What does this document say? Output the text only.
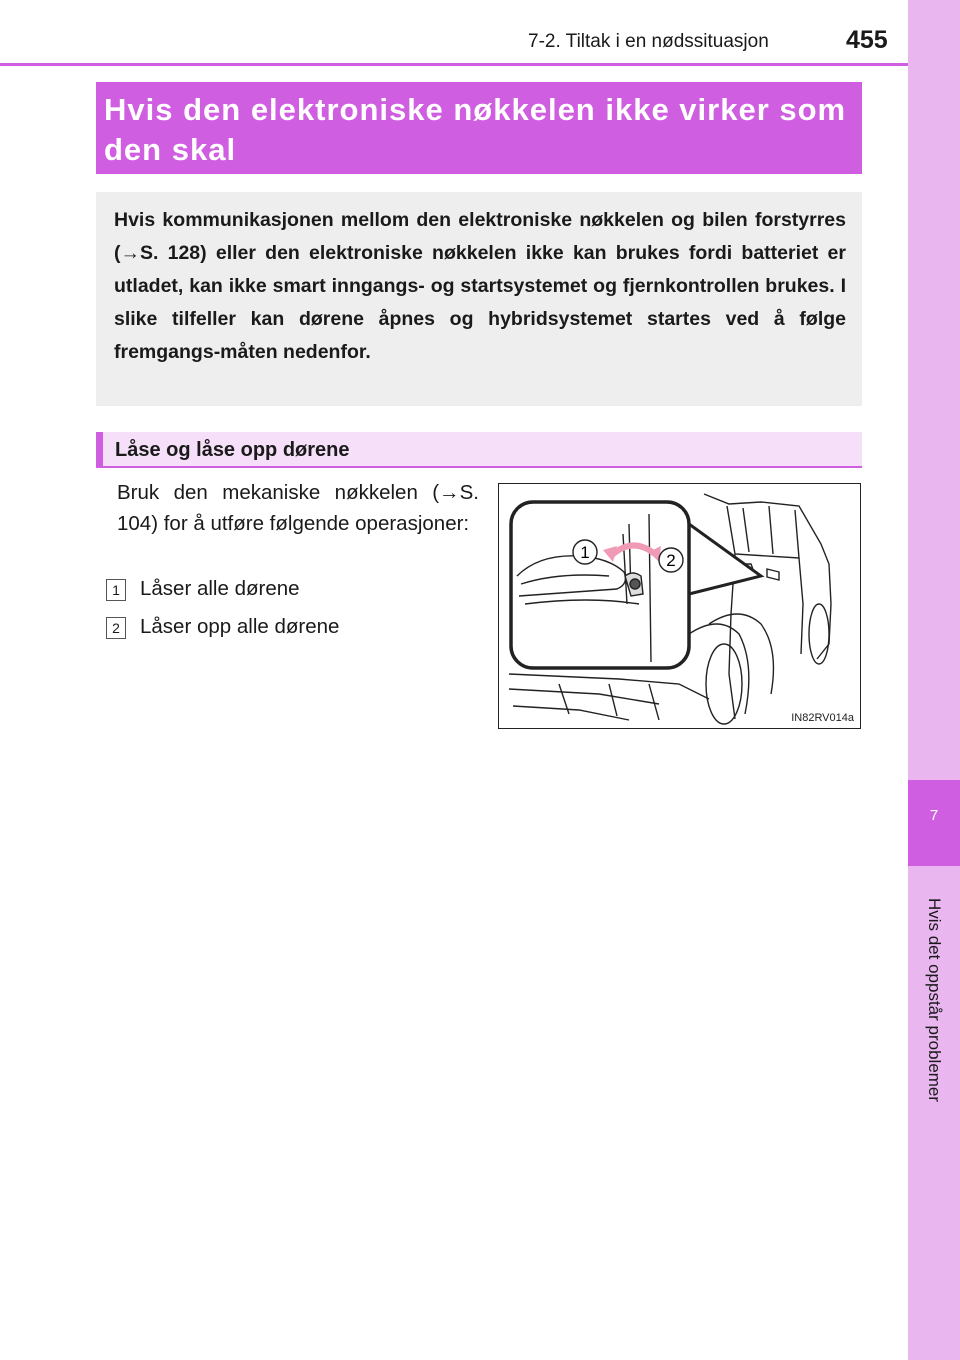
7
Hvis det oppstår problemer
7-2. Tiltak i en nødssituasjon	455
Hvis den elektroniske nøkkelen ikke virker som den skal
Hvis kommunikasjonen mellom den elektroniske nøkkelen og bilen forstyrres (→S. 128) eller den elektroniske nøkkelen ikke kan brukes fordi batteriet er utladet, kan ikke smart inngangs- og startsystemet og fjernkontrollen brukes. I slike tilfeller kan dørene åpnes og hybridsystemet startes ved å følge fremgangs-måten nedenfor.
Låse og låse opp dørene
Bruk den mekaniske nøkkelen (→S. 104) for å utføre følgende operasjoner:
1 Låser alle dørene
2 Låser opp alle dørene
1	2
IN82RV014a
